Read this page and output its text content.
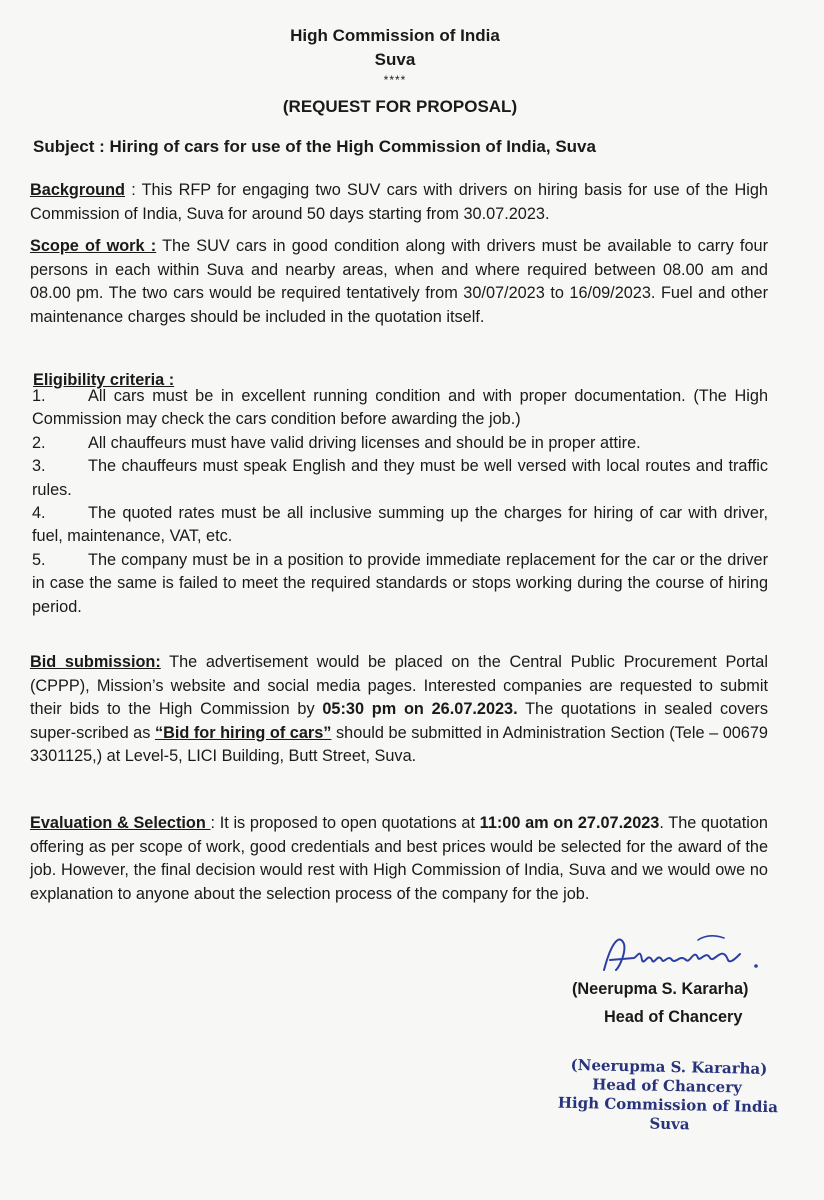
High Commission of India
Suva
****
(REQUEST FOR PROPOSAL)
Subject : Hiring of cars for use of the High Commission of India, Suva
Background : This RFP for engaging two SUV cars with drivers on hiring basis for use of the High Commission of India, Suva for around 50 days starting from 30.07.2023.
Scope of work : The SUV cars in good condition along with drivers must be available to carry four persons in each within Suva and nearby areas, when and where required between 08.00 am and 08.00 pm. The two cars would be required tentatively from 30/07/2023 to 16/09/2023. Fuel and other maintenance charges should be included in the quotation itself.
Eligibility criteria :
1.	All cars must be in excellent running condition and with proper documentation. (The High Commission may check the cars condition before awarding the job.)
2.	All chauffeurs must have valid driving licenses and should be in proper attire.
3.	The chauffeurs must speak English and they must be well versed with local routes and traffic rules.
4.	The quoted rates must be all inclusive summing up the charges for hiring of car with driver, fuel, maintenance, VAT, etc.
5.	The company must be in a position to provide immediate replacement for the car or the driver in case the same is failed to meet the required standards or stops working during the course of hiring period.
Bid submission: The advertisement would be placed on the Central Public Procurement Portal (CPPP), Mission’s website and social media pages. Interested companies are requested to submit their bids to the High Commission by 05:30 pm on 26.07.2023. The quotations in sealed covers super-scribed as “Bid for hiring of cars” should be submitted in Administration Section (Tele – 00679 3301125,) at Level-5, LICI Building, Butt Street, Suva.
Evaluation & Selection : It is proposed to open quotations at 11:00 am on 27.07.2023. The quotation offering as per scope of work, good credentials and best prices would be selected for the award of the job. However, the final decision would rest with High Commission of India, Suva and we would owe no explanation to anyone about the selection process of the company for the job.
(Neerupma S. Kararha)
Head of Chancery
(Neerupma S. Kararha)
Head of Chancery
High Commission of India
Suva
